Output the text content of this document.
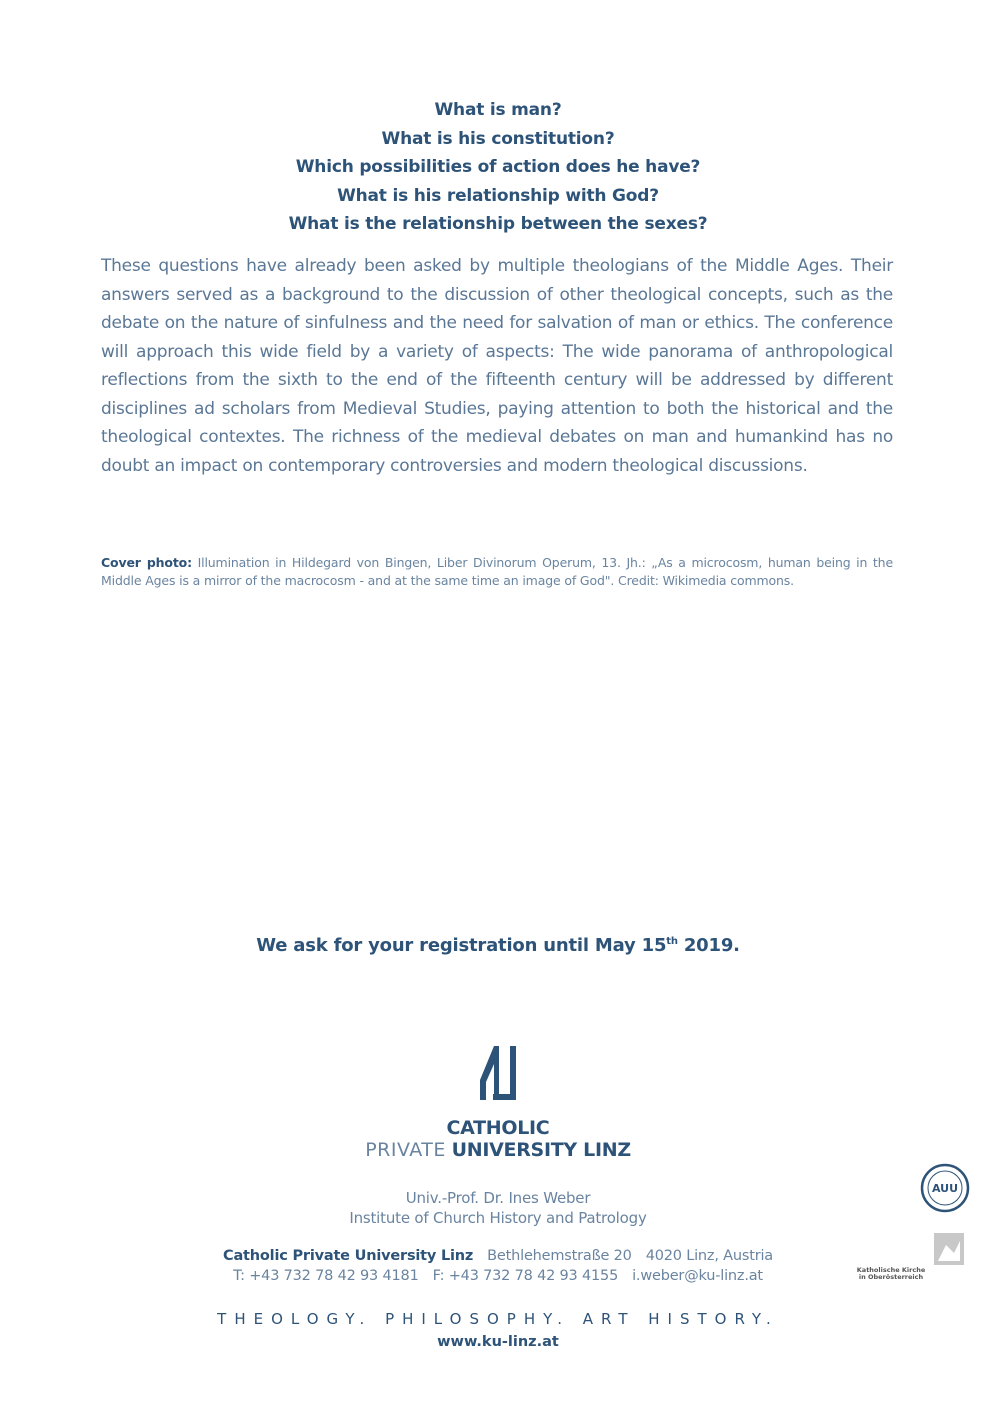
What is man?
What is his constitution?
Which possibilities of action does he have?
What is his relationship with God?
What is the relationship between the sexes?

These questions have already been asked by multiple theologians of the Middle Ages. Their answers served as a background to the discussion of other theological concepts, such as the debate on the nature of sinfulness and the need for salvation of man or ethics. The conference will approach this wide field by a variety of aspects: The wide panorama of anthropological reflections from the sixth to the end of the fifteenth century will be addressed by different disciplines ad scholars from Medieval Studies, paying attention to both the historical and the theological contextes. The richness of the medieval debates on man and humankind has no doubt an impact on contemporary controversies and modern theological discussions.

Cover photo: Illumination in Hildegard von Bingen, Liber Divinorum Operum, 13. Jh.: „As a microcosm, human being in the Middle Ages is a mirror of the macrocosm - and at the same time an image of God". Credit: Wikimedia commons.

We ask for your registration until May 15th 2019.
CATHOLIC
PRIVATE UNIVERSITY LINZ
Univ.-Prof. Dr. Ines Weber
Institute of Church History and Patrology
Catholic Private University Linz Bethlehemstraße 20 4020 Linz, Austria
T: +43 732 78 42 93 4181 F: +43 732 78 42 93 4155 i.weber@ku-linz.at
THEOLOGY. PHILOSOPHY. ART HISTORY.
www.ku-linz.at
AUU
Katholische Kirche
in Oberösterreich
